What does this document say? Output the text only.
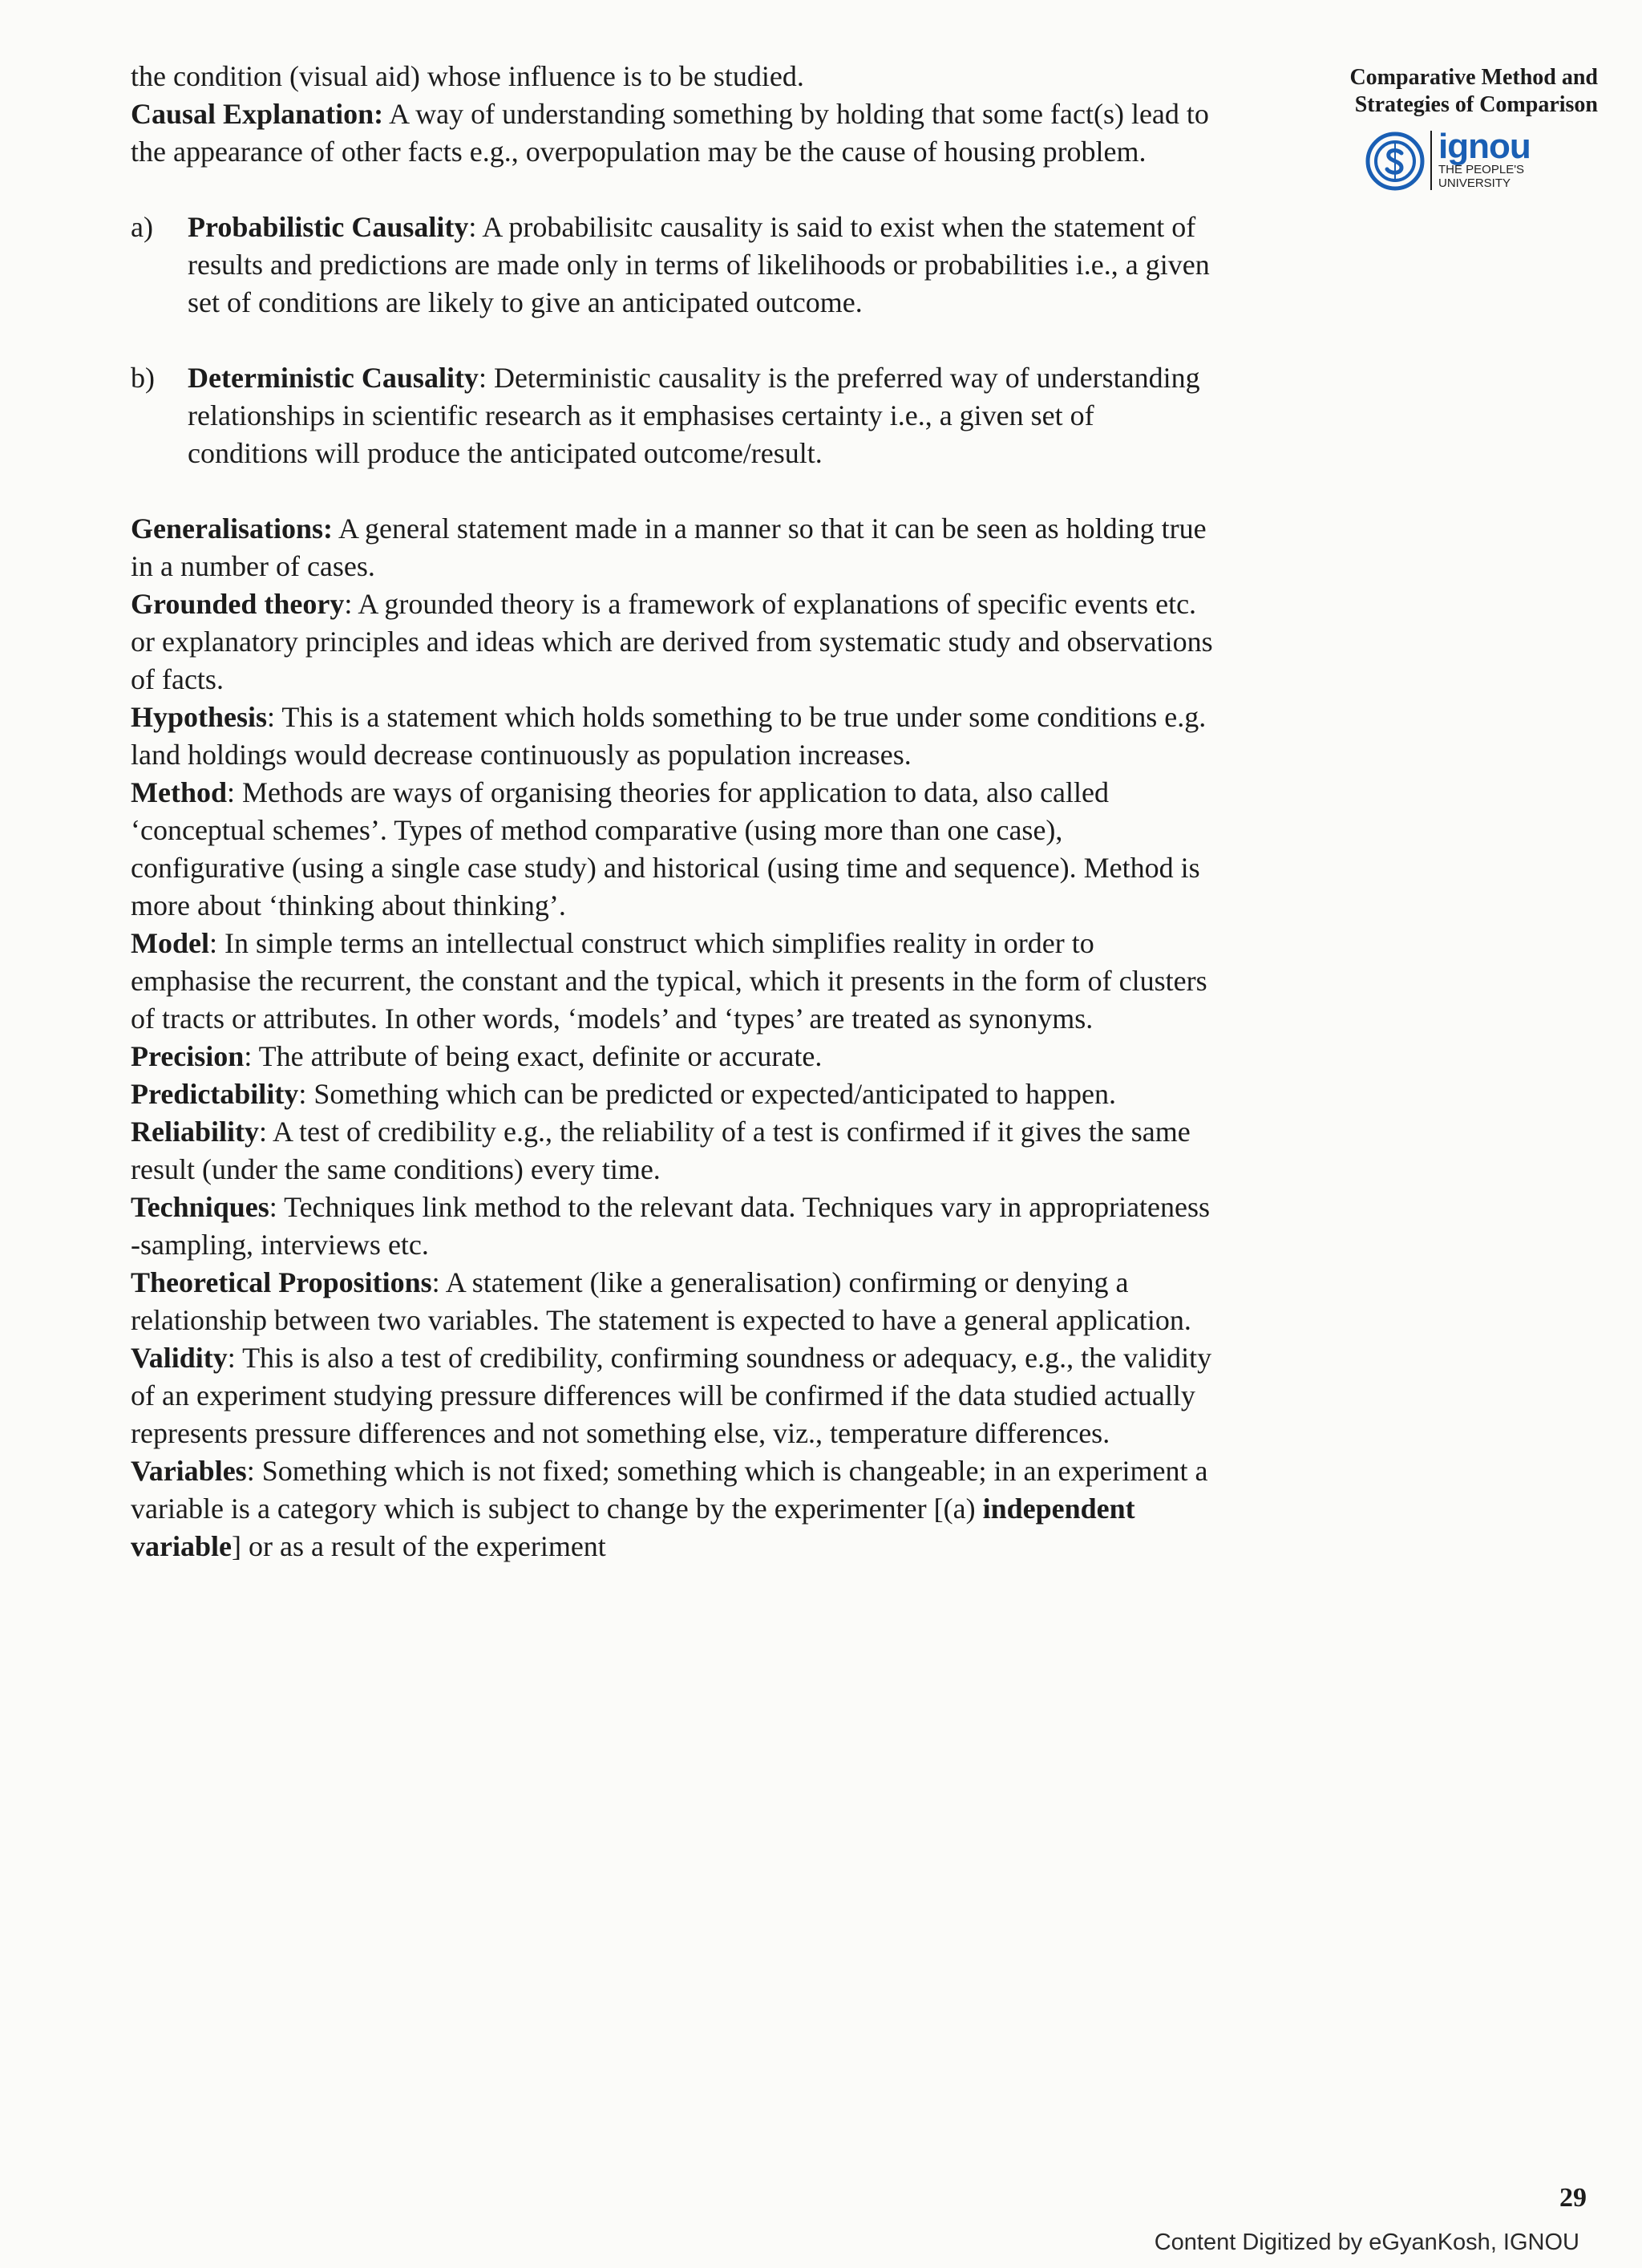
Comparative Method and
Strategies of Comparison
ignou
THE PEOPLE'S
UNIVERSITY

the condition (visual aid) whose influence is to be studied.

Causal Explanation: A way of understanding something by holding that some fact(s) lead to the appearance of other facts e.g., overpopulation may be the cause of housing problem.

a)	Probabilistic Causality: A probabilisitc causality is said to exist when the statement of results and predictions are made only in terms of likelihoods or probabilities i.e., a given set of conditions are likely to give an anticipated outcome.
b)	Deterministic Causality: Deterministic causality is the preferred way of understanding relationships in scientific research as it emphasises certainty i.e., a given set of conditions will produce the anticipated outcome/result.

Generalisations: A general statement made in a manner so that it can be seen as holding true in a number of cases.

Grounded theory: A grounded theory is a framework of explanations of specific events etc. or explanatory principles and ideas which are derived from systematic study and observations of facts.

Hypothesis: This is a statement which holds something to be true under some conditions e.g. land holdings would decrease continuously as population increases.

Method: Methods are ways of organising theories for application to data, also called ‘conceptual schemes’. Types of method comparative (using more than one case), configurative (using a single case study) and historical (using time and sequence). Method is more about ‘thinking about thinking’.

Model: In simple terms an intellectual construct which simplifies reality in order to emphasise the recurrent, the constant and the typical, which it presents in the form of clusters of tracts or attributes. In other words, ‘models’ and ‘types’ are treated as synonyms.

Precision: The attribute of being exact, definite or accurate.

Predictability: Something which can be predicted or expected/anticipated to happen.

Reliability: A test of credibility e.g., the reliability of a test is confirmed if it gives the same result (under the same conditions) every time.

Techniques: Techniques link method to the relevant data. Techniques vary in appropriateness -sampling, interviews etc.

Theoretical Propositions: A statement (like a generalisation) confirming or denying a relationship between two variables. The statement is expected to have a general application.

Validity: This is also a test of credibility, confirming soundness or adequacy, e.g., the validity of an experiment studying pressure differences will be confirmed if the data studied actually represents pressure differences and not something else, viz., temperature differences.

Variables: Something which is not fixed; something which is changeable; in an experiment a variable is a category which is subject to change by the experimenter [(a) independent variable] or as a result of the experiment

29
Content Digitized by eGyanKosh, IGNOU
